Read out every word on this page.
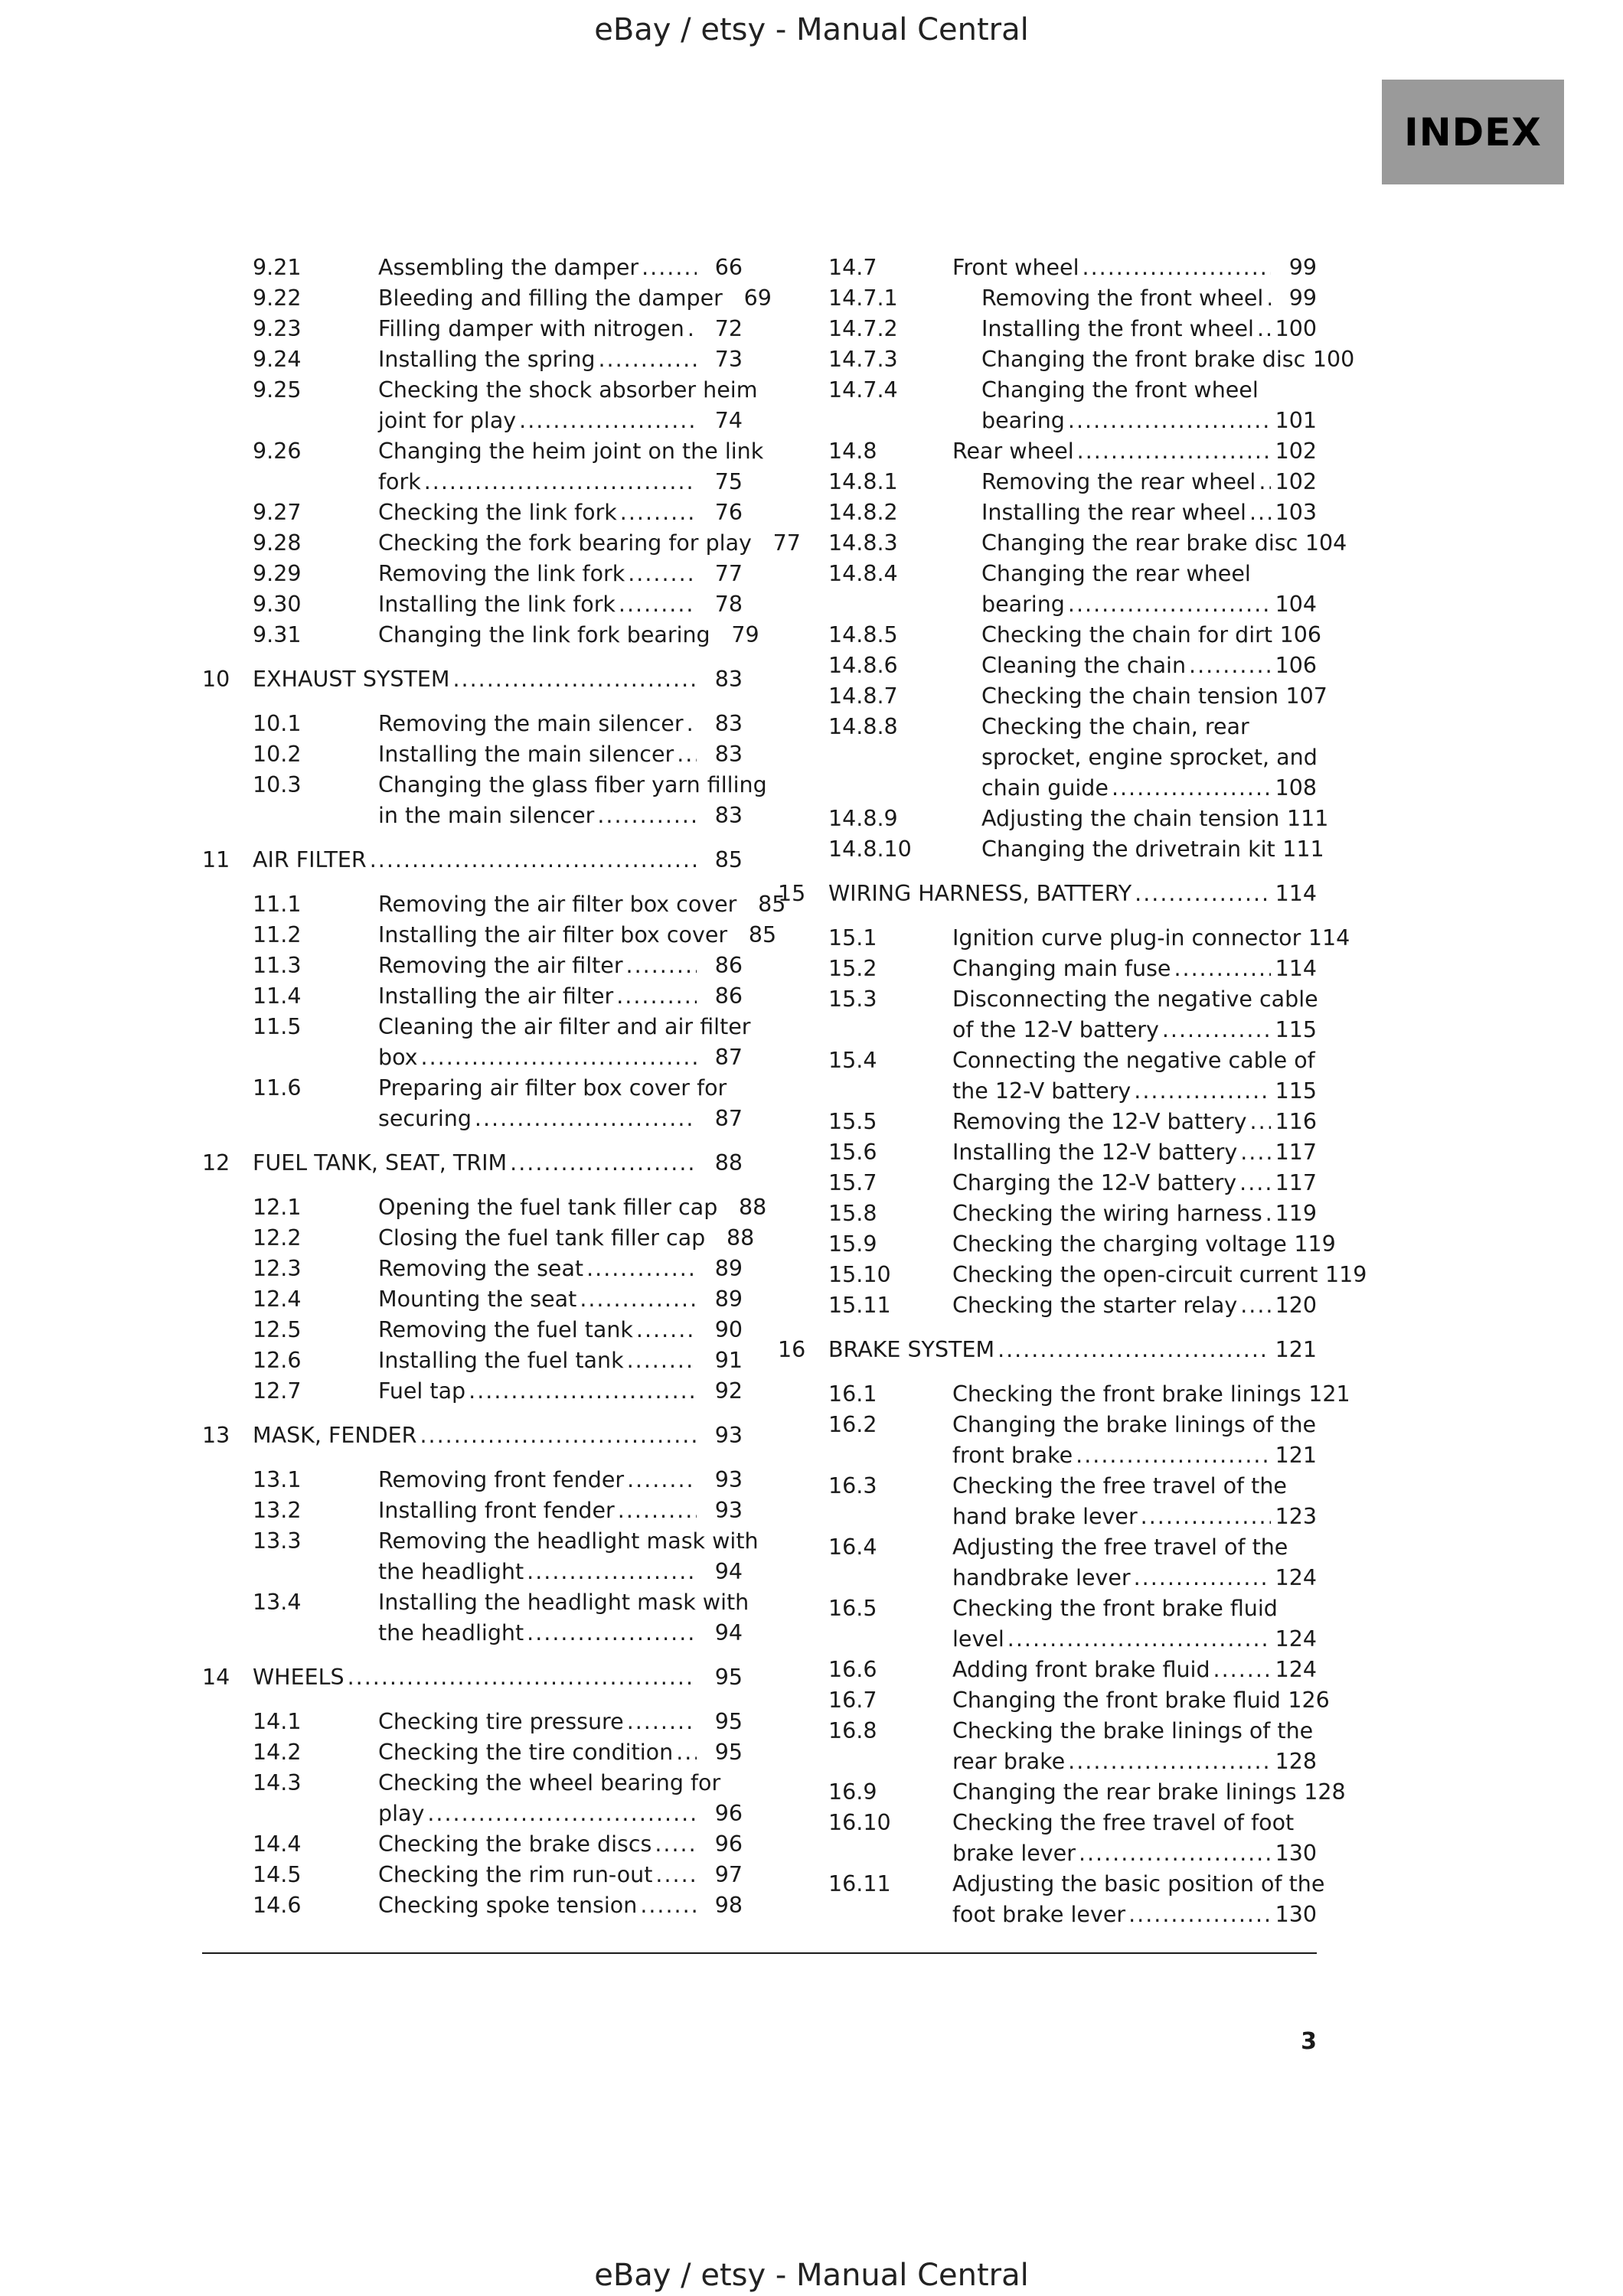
eBay / etsy - Manual Central
INDEX
9.21	Assembling the damper .....	66
9.22	Bleeding and filling the damper 69
9.23	Filling damper with nitrogen .....	72
9.24	Installing the spring .....	73
9.25	Checking the shock absorber heim
joint for play .....	74
9.26	Changing the heim joint on the link
fork .....	75
9.27	Checking the link fork .....	76
9.28	Checking the fork bearing for play 77
9.29	Removing the link fork .....	77
9.30	Installing the link fork .....	78
9.31	Changing the link fork bearing 79
10	EXHAUST SYSTEM .....	83
10.1	Removing the main silencer .....	83
10.2	Installing the main silencer .....	83
10.3	Changing the glass fiber yarn filling
in the main silencer .....	83
11	AIR FILTER .....	85
11.1	Removing the air filter box cover 85
11.2	Installing the air filter box cover 85
11.3	Removing the air filter .....	86
11.4	Installing the air filter .....	86
11.5	Cleaning the air filter and air filter
box .....	87
11.6	Preparing air filter box cover for
securing .....	87
12	FUEL TANK, SEAT, TRIM .....	88
12.1	Opening the fuel tank filler cap 88
12.2	Closing the fuel tank filler cap 88
12.3	Removing the seat .....	89
12.4	Mounting the seat .....	89
12.5	Removing the fuel tank .....	90
12.6	Installing the fuel tank .....	91
12.7	Fuel tap .....	92
13	MASK, FENDER .....	93
13.1	Removing front fender .....	93
13.2	Installing front fender .....	93
13.3	Removing the headlight mask with
the headlight .....	94
13.4	Installing the headlight mask with
the headlight .....	94
14	WHEELS .....	95
14.1	Checking tire pressure .....	95
14.2	Checking the tire condition .....	95
14.3	Checking the wheel bearing for
play .....	96
14.4	Checking the brake discs .....	96
14.5	Checking the rim run-out .....	97
14.6	Checking spoke tension .....	98
14.7	Front wheel .....	99
14.7.1	Removing the front wheel .....	99
14.7.2	Installing the front wheel ..... 100
14.7.3	Changing the front brake disc 100
14.7.4	Changing the front wheel
bearing .....	101
14.8	Rear wheel .....	102
14.8.1	Removing the rear wheel ..... 102
14.8.2	Installing the rear wheel ..... 103
14.8.3	Changing the rear brake disc 104
14.8.4	Changing the rear wheel
bearing .....	104
14.8.5	Checking the chain for dirt 106
14.8.6	Cleaning the chain .....	106
14.8.7	Checking the chain tension 107
14.8.8	Checking the chain, rear
sprocket, engine sprocket, and
chain guide .....	108
14.8.9	Adjusting the chain tension 111
14.8.10	Changing the drivetrain kit 111
15	WIRING HARNESS, BATTERY .....	114
15.1	Ignition curve plug-in connector 114
15.2	Changing main fuse .....	114
15.3	Disconnecting the negative cable
of the 12-V battery .....	115
15.4	Connecting the negative cable of
the 12-V battery .....	115
15.5	Removing the 12-V battery ..... 116
15.6	Installing the 12-V battery ..... 117
15.7	Charging the 12-V battery ..... 117
15.8	Checking the wiring harness ..... 119
15.9	Checking the charging voltage 119
15.10	Checking the open-circuit current 119
15.11	Checking the starter relay ..... 120
16	BRAKE SYSTEM .....	121
16.1	Checking the front brake linings 121
16.2	Changing the brake linings of the
front brake .....	121
16.3	Checking the free travel of the
hand brake lever .....	123
16.4	Adjusting the free travel of the
handbrake lever .....	124
16.5	Checking the front brake fluid
level .....	124
16.6	Adding front brake fluid .....	124
16.7	Changing the front brake fluid 126
16.8	Checking the brake linings of the
rear brake .....	128
16.9	Changing the rear brake linings 128
16.10	Checking the free travel of foot
brake lever .....	130
16.11	Adjusting the basic position of the
foot brake lever .....	130
3
eBay / etsy - Manual Central
